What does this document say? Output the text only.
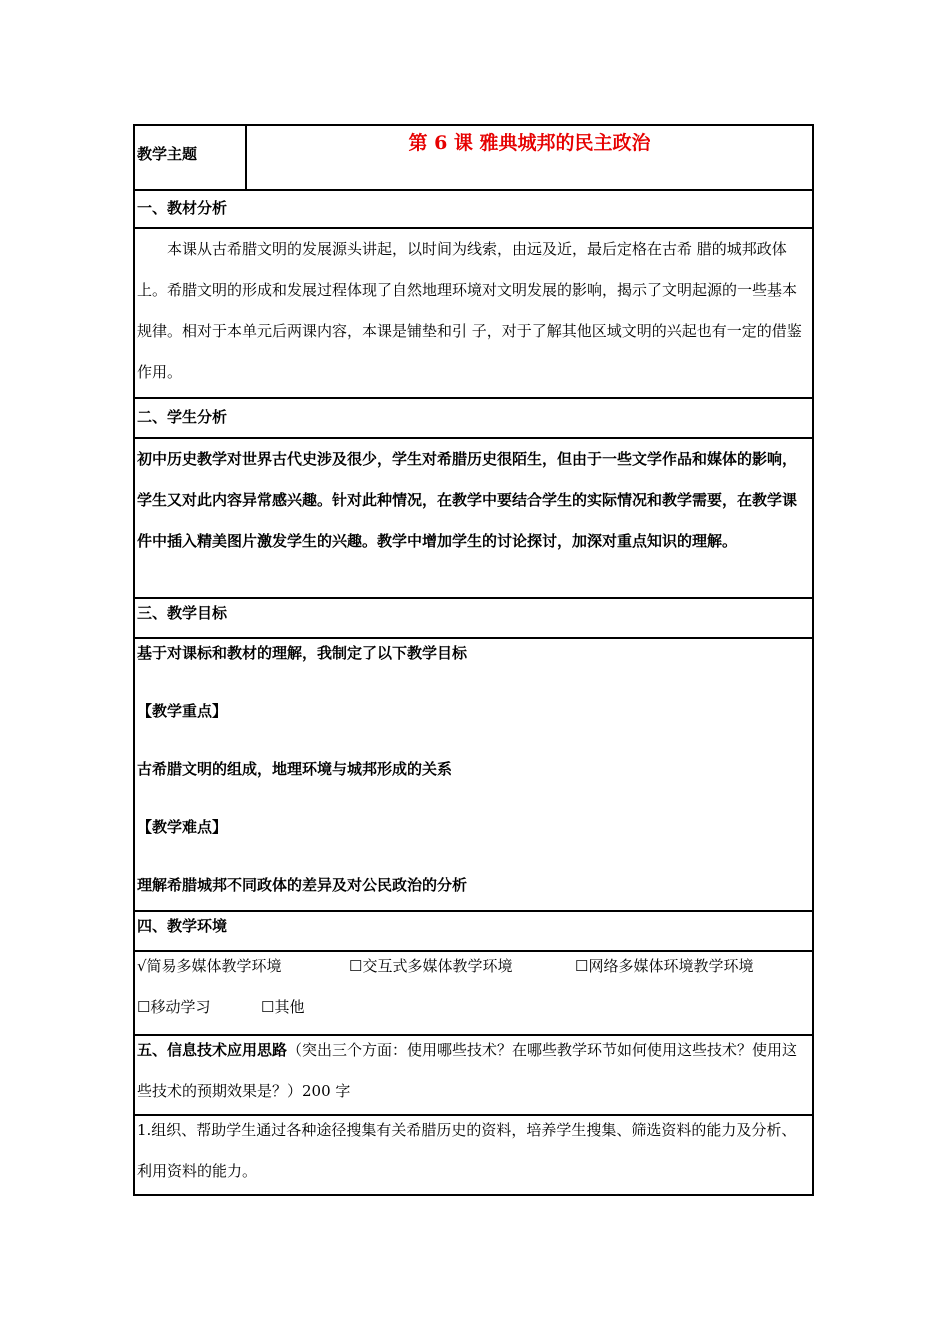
教学主题	第 6 课 雅典城邦的民主政治
一、教材分析

本课从古希腊文明的发展源头讲起，以时间为线索，由远及近，最后定格在古希 腊的城邦政体上。希腊文明的形成和发展过程体现了自然地理环境对文明发展的影响，揭示了文明起源的一些基本规律。相对于本单元后两课内容，本课是铺垫和引 子，对于了解其他区域文明的兴起也有一定的借鉴作用。

二、学生分析

初中历史教学对世界古代史涉及很少，学生对希腊历史很陌生，但由于一些文学作品和媒体的影响，学生又对此内容异常感兴趣。针对此种情况，在教学中要结合学生的实际情况和教学需要，在教学课件中插入精美图片激发学生的兴趣。教学中增加学生的讨论探讨，加深对重点知识的理解。

三、教学目标
基于对课标和教材的理解，我制定了以下教学目标
【教学重点】
古希腊文明的组成，地理环境与城邦形成的关系
【教学难点】
理解希腊城邦不同政体的差异及对公民政治的分析
四、教学环境
√简易多媒体教学环境	☐交互式多媒体教学环境	☐网络多媒体环境教学环境
☐移动学习	☐其他

五、信息技术应用思路（突出三个方面：使用哪些技术？在哪些教学环节如何使用这些技术？使用这些技术的预期效果是？）200 字

1.组织、帮助学生通过各种途径搜集有关希腊历史的资料，培养学生搜集、筛选资料的能力及分析、利用资料的能力。
